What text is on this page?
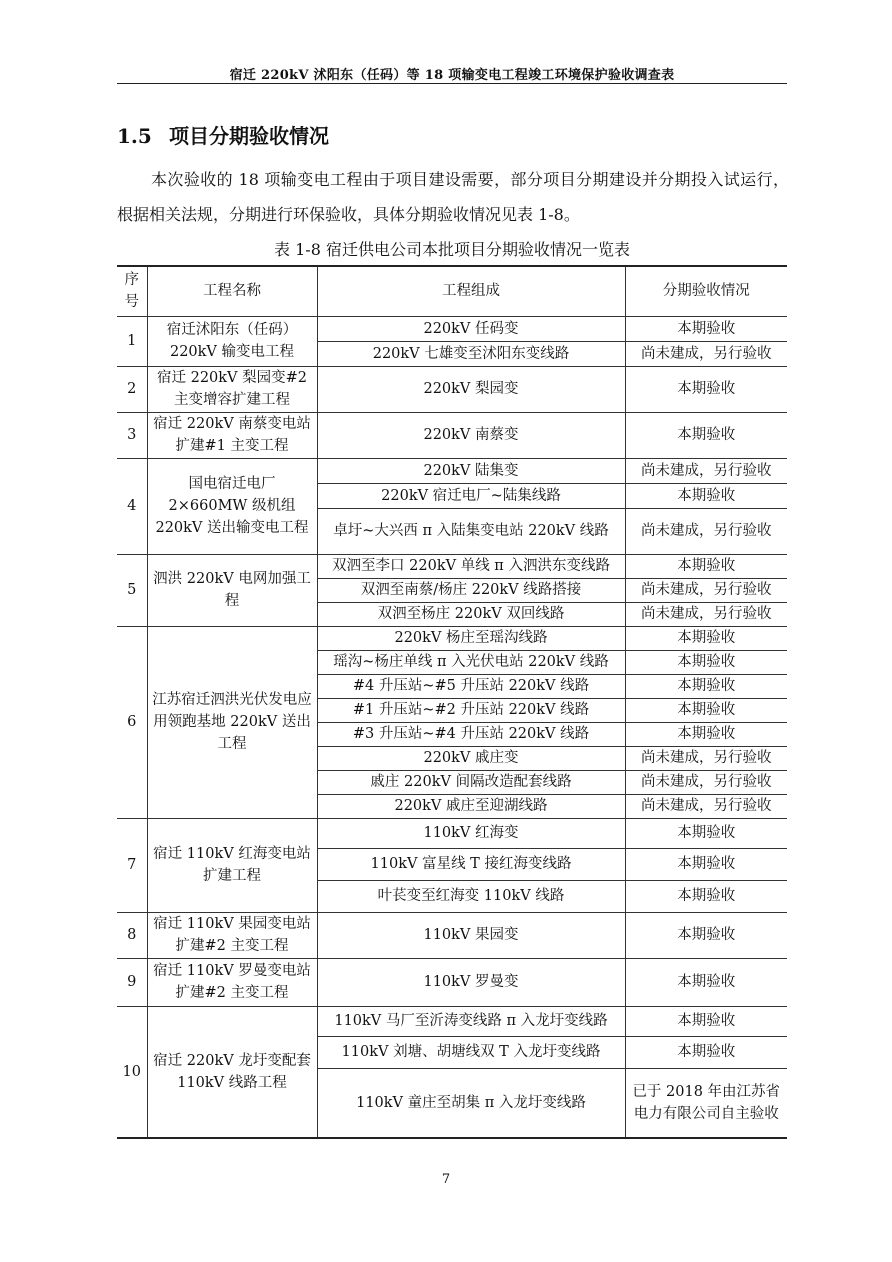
宿迁 220kV 沭阳东（任码）等 18 项输变电工程竣工环境保护验收调查表
1.5 项目分期验收情况
本次验收的 18 项输变电工程由于项目建设需要，部分项目分期建设并分期投入试运行，根据相关法规，分期进行环保验收，具体分期验收情况见表 1-8。
表 1-8 宿迁供电公司本批项目分期验收情况一览表
序号	工程名称	工程组成	分期验收情况
1	宿迁沭阳东（任码）220kV 输变电工程	220kV 任码变	本期验收
		220kV 七雄变至沭阳东变线路	尚未建成，另行验收
2	宿迁 220kV 梨园变#2 主变增容扩建工程	220kV 梨园变	本期验收
3	宿迁 220kV 南蔡变电站扩建#1 主变工程	220kV 南蔡变	本期验收
4	国电宿迁电厂 2×660MW 级机组 220kV 送出输变电工程	220kV 陆集变	尚未建成，另行验收
		220kV 宿迁电厂~陆集线路	本期验收
		卓圩~大兴西 π 入陆集变电站 220kV 线路	尚未建成，另行验收
5	泗洪 220kV 电网加强工程	双泗至李口 220kV 单线 π 入泗洪东变线路	本期验收
		双泗至南蔡/杨庄 220kV 线路搭接	尚未建成，另行验收
		双泗至杨庄 220kV 双回线路	尚未建成，另行验收
6	江苏宿迁泗洪光伏发电应用领跑基地 220kV 送出工程	220kV 杨庄至瑶沟线路	本期验收
		瑶沟~杨庄单线 π 入光伏电站 220kV 线路	本期验收
		#4 升压站~#5 升压站 220kV 线路	本期验收
		#1 升压站~#2 升压站 220kV 线路	本期验收
		#3 升压站~#4 升压站 220kV 线路	本期验收
		220kV 戚庄变	尚未建成，另行验收
		戚庄 220kV 间隔改造配套线路	尚未建成，另行验收
		220kV 戚庄至迎湖线路	尚未建成，另行验收
7	宿迁 110kV 红海变电站扩建工程	110kV 红海变	本期验收
		110kV 富星线 T 接红海变线路	本期验收
		叶苌变至红海变 110kV 线路	本期验收
8	宿迁 110kV 果园变电站扩建#2 主变工程	110kV 果园变	本期验收
9	宿迁 110kV 罗曼变电站扩建#2 主变工程	110kV 罗曼变	本期验收
10	宿迁 220kV 龙圩变配套 110kV 线路工程	110kV 马厂至沂涛变线路 π 入龙圩变线路	本期验收
		110kV 刘塘、胡塘线双 T 入龙圩变线路	本期验收
		110kV 童庄至胡集 π 入龙圩变线路	已于 2018 年由江苏省电力有限公司自主验收
7
